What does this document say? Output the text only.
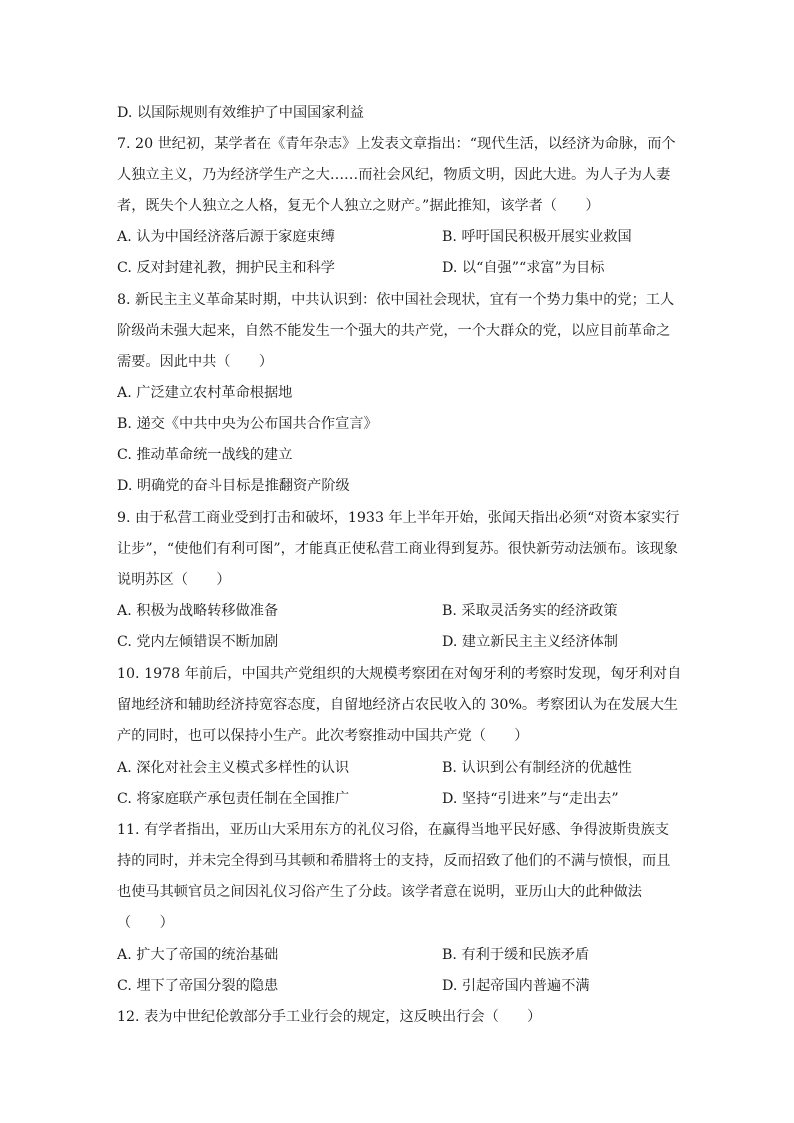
D. 以国际规则有效维护了中国国家利益
7. 20 世纪初，某学者在《青年杂志》上发表文章指出：“现代生活，以经济为命脉，而个
人独立主义，乃为经济学生产之大……而社会风纪，物质文明，因此大进。为人子为人妻
者，既失个人独立之人格，复无个人独立之财产。”据此推知，该学者（　　）
A. 认为中国经济落后源于家庭束缚	B. 呼吁国民积极开展实业救国
C. 反对封建礼教，拥护民主和科学	D. 以“自强”“求富”为目标
8. 新民主主义革命某时期，中共认识到：依中国社会现状，宜有一个势力集中的党；工人
阶级尚未强大起来，自然不能发生一个强大的共产党，一个大群众的党，以应目前革命之
需要。因此中共（　　）
A. 广泛建立农村革命根据地
B. 递交《中共中央为公布国共合作宣言》
C. 推动革命统一战线的建立
D. 明确党的奋斗目标是推翻资产阶级
9. 由于私营工商业受到打击和破坏，1933 年上半年开始，张闻天指出必须“对资本家实行
让步”，“使他们有利可图”，才能真正使私营工商业得到复苏。很快新劳动法颁布。该现象
说明苏区（　　）
A. 积极为战略转移做准备	B. 采取灵活务实的经济政策
C. 党内左倾错误不断加剧	D. 建立新民主主义经济体制
10. 1978 年前后，中国共产党组织的大规模考察团在对匈牙利的考察时发现，匈牙利对自
留地经济和辅助经济持宽容态度，自留地经济占农民收入的 30%。考察团认为在发展大生
产的同时，也可以保持小生产。此次考察推动中国共产党（　　）
A. 深化对社会主义模式多样性的认识	B. 认识到公有制经济的优越性
C. 将家庭联产承包责任制在全国推广	D. 坚持“引进来”与“走出去”
11. 有学者指出，亚历山大采用东方的礼仪习俗，在赢得当地平民好感、争得波斯贵族支
持的同时，并未完全得到马其顿和希腊将士的支持，反而招致了他们的不满与愤恨，而且
也使马其顿官员之间因礼仪习俗产生了分歧。该学者意在说明，亚历山大的此种做法
（　　）
A. 扩大了帝国的统治基础	B. 有利于缓和民族矛盾
C. 埋下了帝国分裂的隐患	D. 引起帝国内普遍不满
12. 表为中世纪伦敦部分手工业行会的规定，这反映出行会（　　）
